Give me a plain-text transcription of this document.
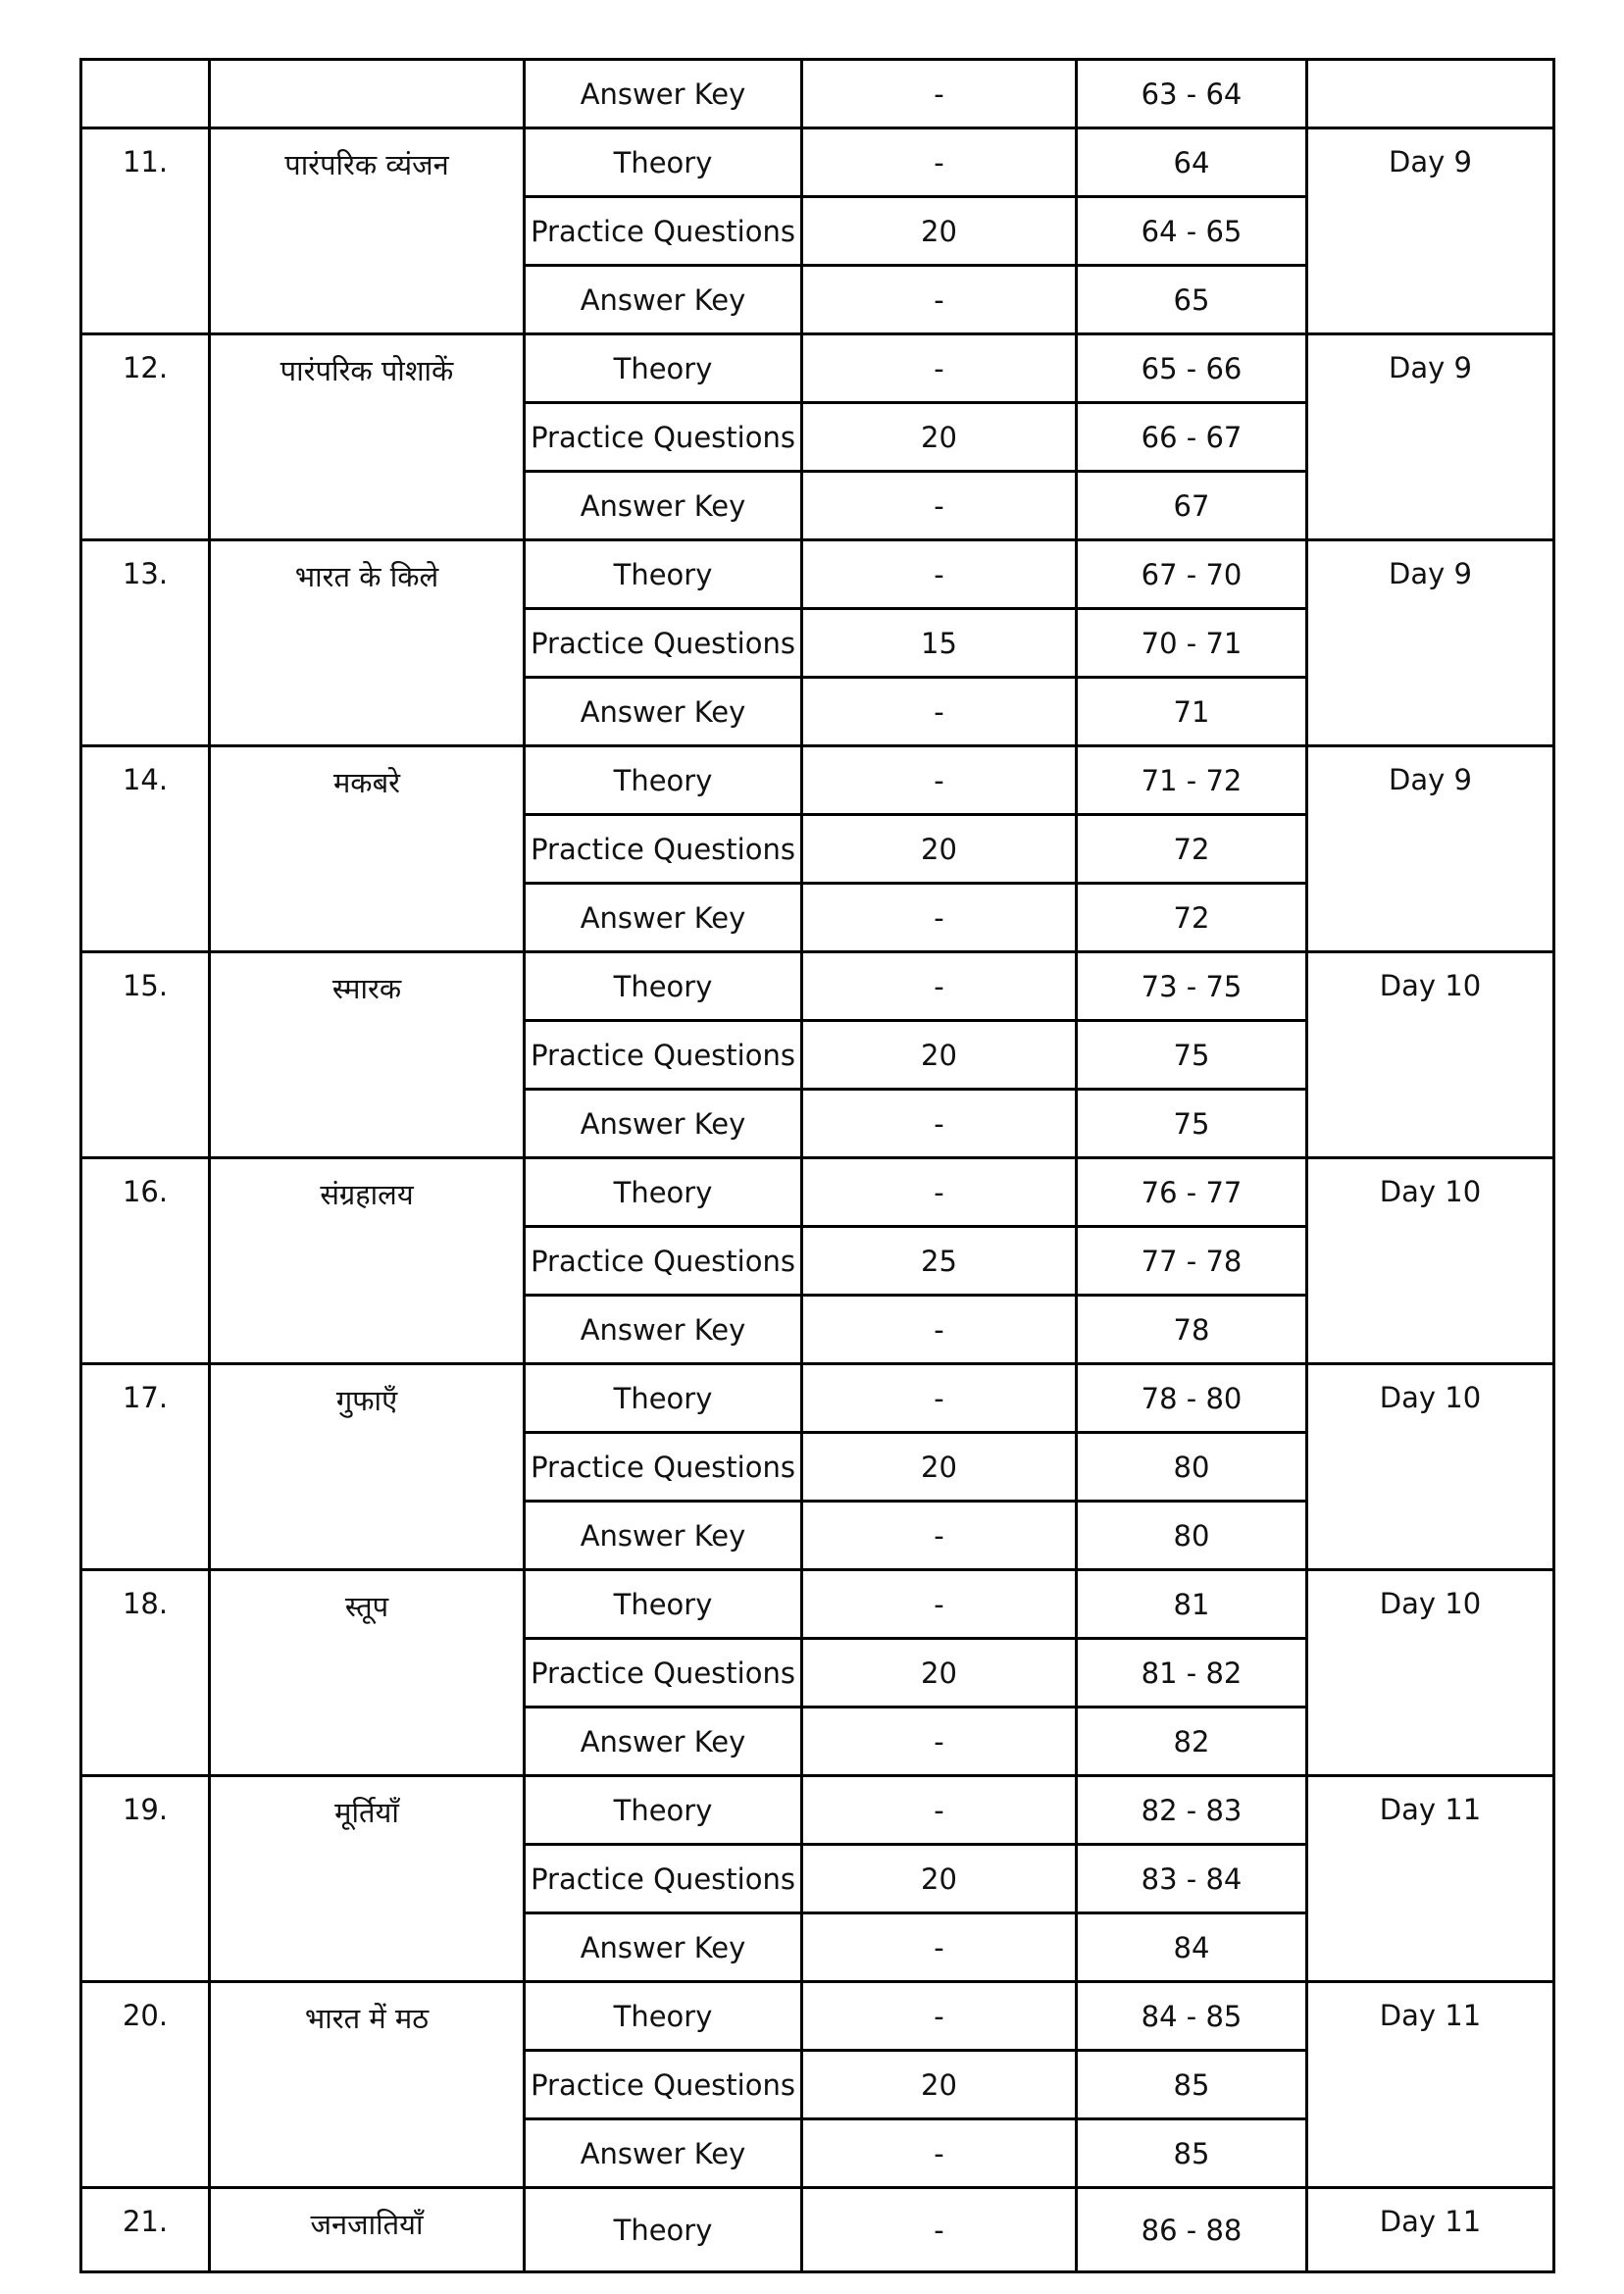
		Answer Key	-	63 - 64	
11.	पारंपरिक व्यंजन	Theory	-	64	Day 9
		Practice Questions	20	64 - 65	
		Answer Key	-	65	
12.	पारंपरिक पोशाकें	Theory	-	65 - 66	Day 9
		Practice Questions	20	66 - 67	
		Answer Key	-	67	
13.	भारत के किले	Theory	-	67 - 70	Day 9
		Practice Questions	15	70 - 71	
		Answer Key	-	71	
14.	मकबरे	Theory	-	71 - 72	Day 9
		Practice Questions	20	72	
		Answer Key	-	72	
15.	स्मारक	Theory	-	73 - 75	Day 10
		Practice Questions	20	75	
		Answer Key	-	75	
16.	संग्रहालय	Theory	-	76 - 77	Day 10
		Practice Questions	25	77 - 78	
		Answer Key	-	78	
17.	गुफाएँ	Theory	-	78 - 80	Day 10
		Practice Questions	20	80	
		Answer Key	-	80	
18.	स्तूप	Theory	-	81	Day 10
		Practice Questions	20	81 - 82	
		Answer Key	-	82	
19.	मूर्तियाँ	Theory	-	82 - 83	Day 11
		Practice Questions	20	83 - 84	
		Answer Key	-	84	
20.	भारत में मठ	Theory	-	84 - 85	Day 11
		Practice Questions	20	85	
		Answer Key	-	85	
21.	जनजातियाँ	Theory	-	86 - 88	Day 11
